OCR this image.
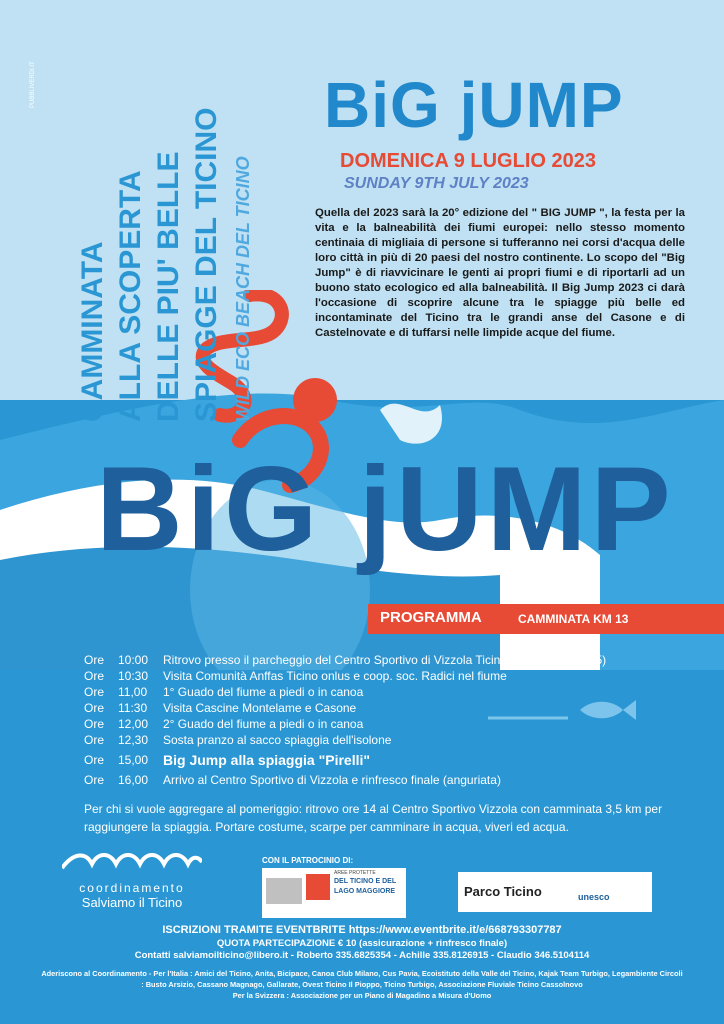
PUBBLIVERDI.IT
CAMMINATA ALLA SCOPERTA DELLE PIU' BELLE SPIAGGE DEL TICINO WILD ECO BEACH DEL TICINO
BiG jUMP
DOMENICA 9 LUGLIO 2023
SUNDAY 9TH JULY 2023
Quella del 2023 sarà la 20° edizione del " BIG JUMP ", la festa per la vita e la balneabilità dei fiumi europei: nello stesso momento centinaia di migliaia di persone si tufferanno nei corsi d'acqua delle loro città in più di 20 paesi del nostro continente. Lo scopo del "Big Jump" è di riavvicinare le genti ai propri fiumi e di riportarli ad un buono stato ecologico ed alla balneabilità. Il Big Jump 2023 ci darà l'occasione di scoprire alcune tra le spiagge più belle ed incontaminate del Ticino tra le grandi anse del Casone e di Castelnovate e di tuffarsi nelle limpide acque del fiume.
BiG jUMP
PROGRAMMA	CAMMINATA KM 13
Ore	10:00	Ritrovo presso il parcheggio del Centro Sportivo di Vizzola Ticino (Via Locatelli n. 5)
Ore	10:30	Visita Comunità Anffas Ticino onlus e coop. soc. Radici nel fiume
Ore	11,00	1° Guado del fiume a piedi o in canoa
Ore	11:30	Visita Cascine Montelame e Casone
Ore	12,00	2° Guado del fiume a piedi o in canoa
Ore	12,30	Sosta pranzo al sacco spiaggia dell'isolone
Ore	15,00	Big Jump alla spiaggia "Pirelli"
Ore	16,00	Arrivo al Centro Sportivo di Vizzola e rinfresco finale (anguriata)
Per chi si vuole aggregare al pomeriggio: ritrovo ore 14 al Centro Sportivo Vizzola con camminata 3,5 km per raggiungere la spiaggia. Portare costume, scarpe per camminare in acqua, viveri ed acqua.
coordinamento
Salviamo il Ticino
CON IL PATROCINIO DI:
AREE PROTETTE
DEL TICINO E DEL
LAGO MAGGIORE	Parco Ticino	unesco
ISCRIZIONI TRAMITE EVENTBRITE https://www.eventbrite.it/e/668793307787
QUOTA PARTECIPAZIONE € 10 (assicurazione + rinfresco finale)
Contatti salviamoilticino@libero.it - Roberto 335.6825354 - Achille 335.8126915 - Claudio 346.5104114
Aderiscono al Coordinamento - Per l'Italia : Amici del Ticino, Anita, Bicipace, Canoa Club Milano, Cus Pavia, Ecoistituto della Valle del Ticino, Kajak Team Turbigo, Legambiente Circoli : Busto Arsizio, Cassano Magnago, Gallarate, Ovest Ticino Il Pioppo, Ticino Turbigo, Associazione Fluviale Ticino Cassolnovo
Per la Svizzera : Associazione per un Piano di Magadino a Misura d'Uomo
